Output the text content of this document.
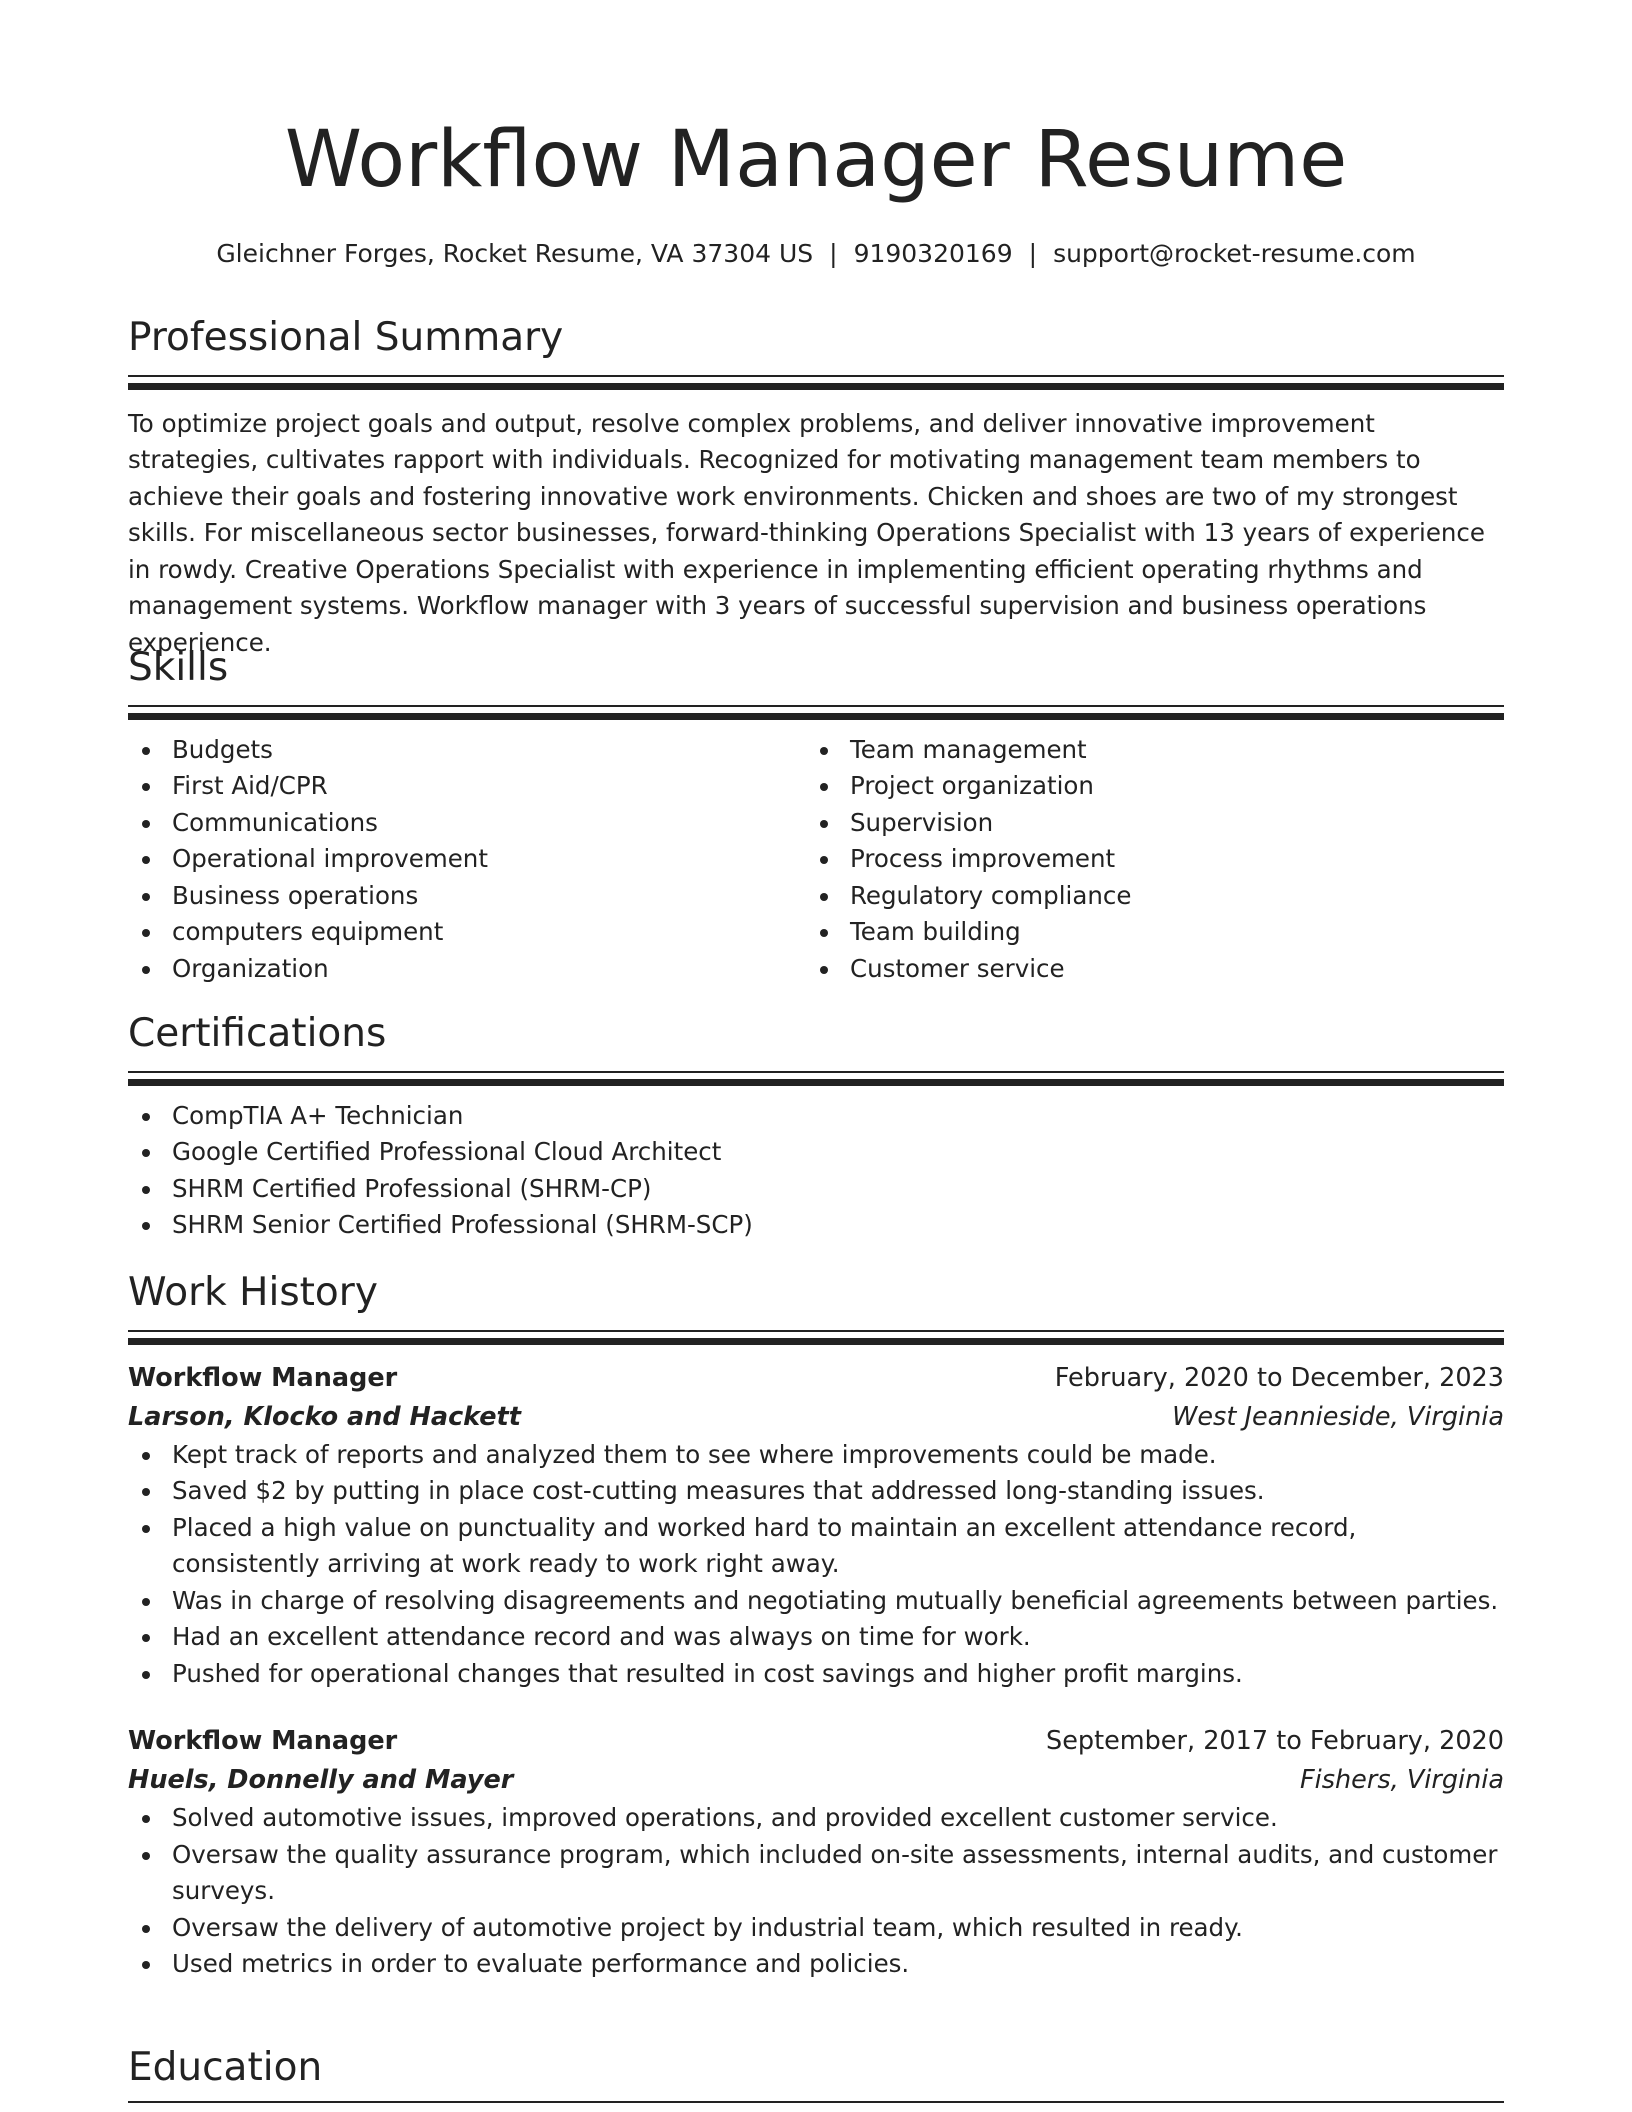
Workflow Manager Resume
Gleichner Forges, Rocket Resume, VA 37304 US | 9190320169 | support@rocket-resume.com
Professional Summary

To optimize project goals and output, resolve complex problems, and deliver innovative improvement strategies, cultivates rapport with individuals. Recognized for motivating management team members to achieve their goals and fostering innovative work environments. Chicken and shoes are two of my strongest skills. For miscellaneous sector businesses, forward-thinking Operations Specialist with 13 years of experience in rowdy. Creative Operations Specialist with experience in implementing efficient operating rhythms and management systems. Workflow manager with 3 years of successful supervision and business operations experience.

Skills
Budgets
First Aid/CPR
Communications
Operational improvement
Business operations
computers equipment
Organization
Team management
Project organization
Supervision
Process improvement
Regulatory compliance
Team building
Customer service
Certifications
CompTIA A+ Technician
Google Certified Professional Cloud Architect
SHRM Certified Professional (SHRM-CP)
SHRM Senior Certified Professional (SHRM-SCP)
Work History
Workflow Manager	February, 2020 to December, 2023
Larson, Klocko and Hackett	West Jeannieside, Virginia
Kept track of reports and analyzed them to see where improvements could be made.
Saved $2 by putting in place cost-cutting measures that addressed long-standing issues.
Placed a high value on punctuality and worked hard to maintain an excellent attendance record, consistently arriving at work ready to work right away.
Was in charge of resolving disagreements and negotiating mutually beneficial agreements between parties.
Had an excellent attendance record and was always on time for work.
Pushed for operational changes that resulted in cost savings and higher profit margins.
Workflow Manager	September, 2017 to February, 2020
Huels, Donnelly and Mayer	Fishers, Virginia
Solved automotive issues, improved operations, and provided excellent customer service.
Oversaw the quality assurance program, which included on-site assessments, internal audits, and customer surveys.
Oversaw the delivery of automotive project by industrial team, which resulted in ready.
Used metrics in order to evaluate performance and policies.
Education
